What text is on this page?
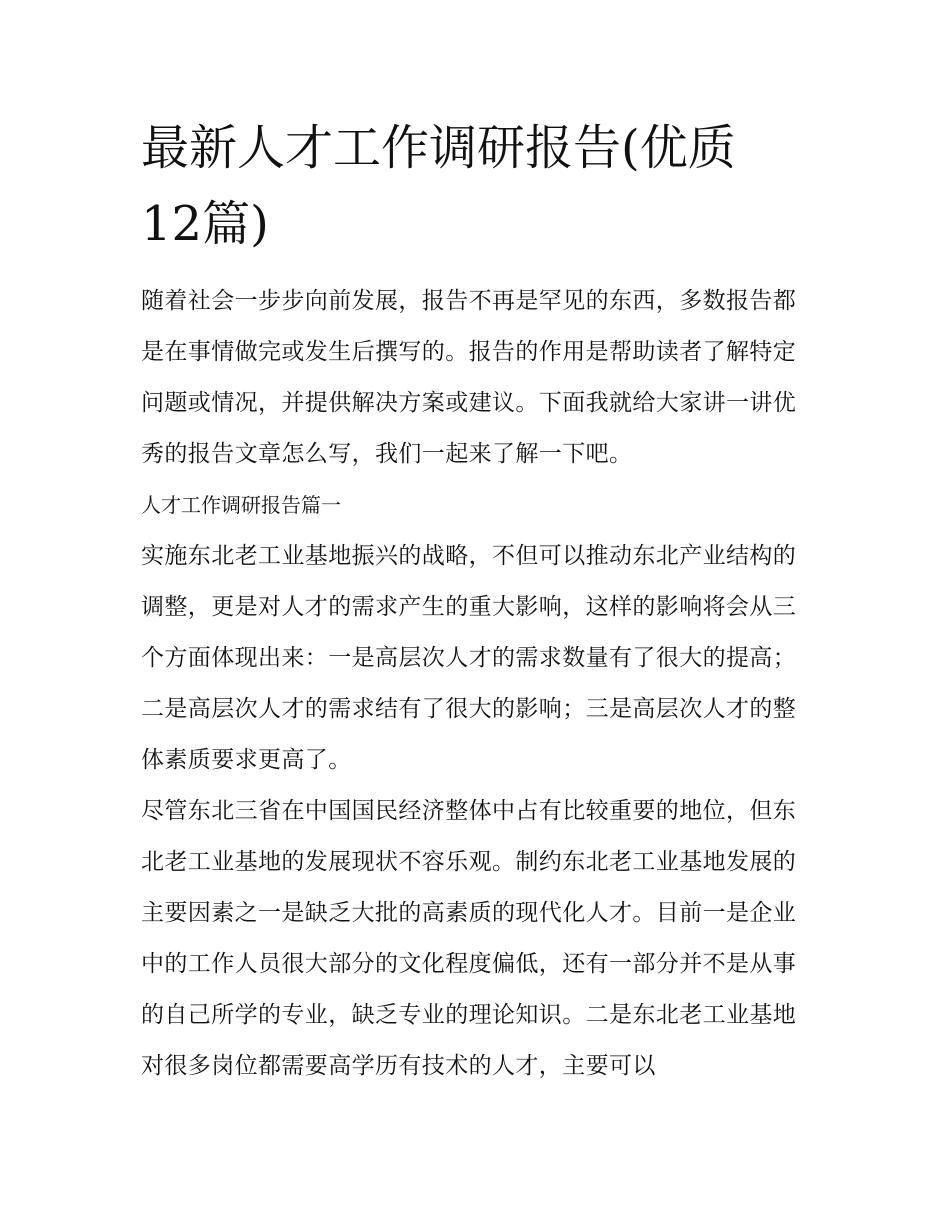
最新人才工作调研报告(优质12篇)

随着社会一步步向前发展，报告不再是罕见的东西，多数报告都是在事情做完或发生后撰写的。报告的作用是帮助读者了解特定问题或情况，并提供解决方案或建议。下面我就给大家讲一讲优秀的报告文章怎么写，我们一起来了解一下吧。

人才工作调研报告篇一

实施东北老工业基地振兴的战略，不但可以推动东北产业结构的调整，更是对人才的需求产生的重大影响，这样的影响将会从三个方面体现出来：一是高层次人才的需求数量有了很大的提高；二是高层次人才的需求结有了很大的影响；三是高层次人才的整体素质要求更高了。

尽管东北三省在中国国民经济整体中占有比较重要的地位，但东北老工业基地的发展现状不容乐观。制约东北老工业基地发展的主要因素之一是缺乏大批的高素质的现代化人才。目前一是企业中的工作人员很大部分的文化程度偏低，还有一部分并不是从事的自己所学的专业，缺乏专业的理论知识。二是东北老工业基地对很多岗位都需要高学历有技术的人才，主要可以
